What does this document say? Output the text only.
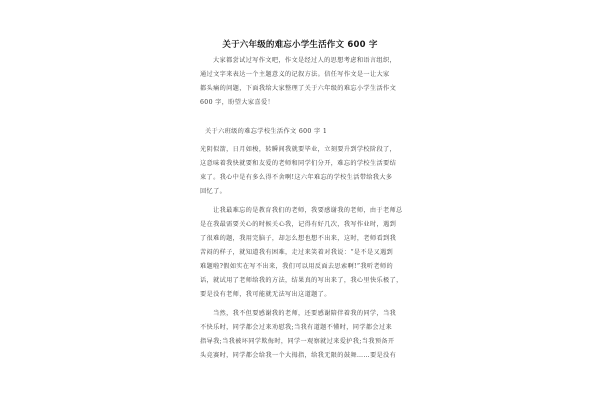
关于六年级的难忘小学生活作文 600 字
大家都尝试过写作文吧，作文是经过人的思想考虑和语言组织，
通过文字来表达一个主题意义的记叙方法。信任写作文是一让大家
都头痛的问题，下面我给大家整理了关于六年级的难忘小学生活作文
600 字，盼望大家喜爱！
关于六班级的难忘学校生活作文 600 字 1
光阴似箭，日月如梭，转瞬间我就要毕业，立刻要升到学校阶段了，
这意味着我快就要和友爱的老师和同学们分开，难忘的学校生活要结
束了。我心中是有多么得不舍啊!这六年难忘的学校生活带给我大多
回忆了。
让我最难忘的是教育我们的老师，我要感谢我的老师，由于老师总
是在我最需要关心的时候关心我，记得有好几次，我写作业时，遇到
了很难的题，我用完脑子，却怎么想也想不出来，这时，老师看到我
苦闷的样子，就知道我有困难，走过来笑着对我说：“是不是又遇到
难题啦?假如实在写不出来，我们可以用反面去思索啊!”我听老师的
话，就试用了老师给我的方法，结果真的写出来了，我心里快乐极了，
要是没有老师，我可能就无法写出这道题了。
当然，我不但要感谢我的老师，还要感谢陪伴着我的同学，当我
不快乐时，同学都会过来劝慰我;当我有道题不懂时，同学都会过来
指导我;当我被坏同学欺侮时，同学一观察就过来爱护我;当我预备开
头竞赛时，同学都会给我一个大拇指，给我无限的鼓舞……要是没有
